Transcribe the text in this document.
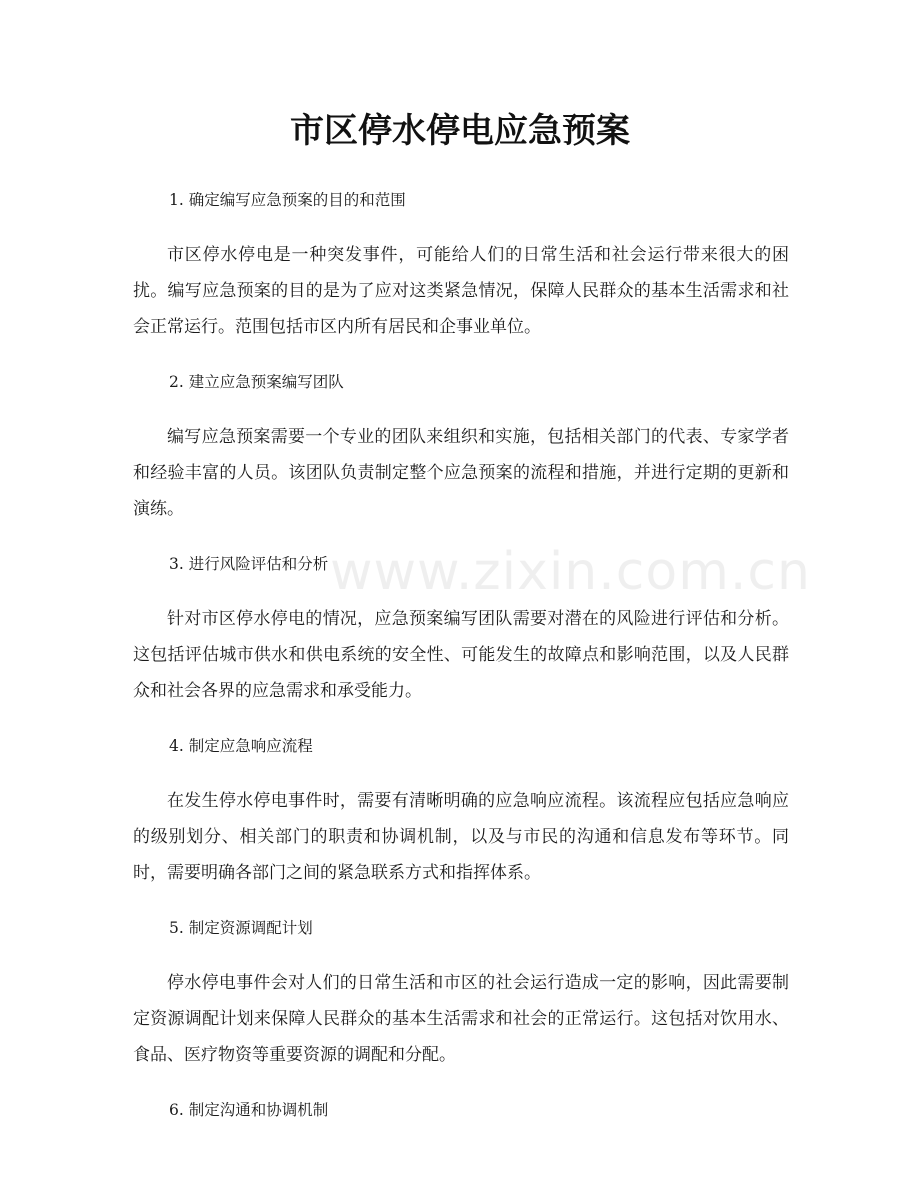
市区停水停电应急预案
www.zixin.com.cn

1. 确定编写应急预案的目的和范围

市区停水停电是一种突发事件，可能给人们的日常生活和社会运行带来很大的困扰。编写应急预案的目的是为了应对这类紧急情况，保障人民群众的基本生活需求和社会正常运行。范围包括市区内所有居民和企事业单位。

2. 建立应急预案编写团队

编写应急预案需要一个专业的团队来组织和实施，包括相关部门的代表、专家学者和经验丰富的人员。该团队负责制定整个应急预案的流程和措施，并进行定期的更新和演练。

3. 进行风险评估和分析

针对市区停水停电的情况，应急预案编写团队需要对潜在的风险进行评估和分析。这包括评估城市供水和供电系统的安全性、可能发生的故障点和影响范围，以及人民群众和社会各界的应急需求和承受能力。

4. 制定应急响应流程

在发生停水停电事件时，需要有清晰明确的应急响应流程。该流程应包括应急响应的级别划分、相关部门的职责和协调机制，以及与市民的沟通和信息发布等环节。同时，需要明确各部门之间的紧急联系方式和指挥体系。

5. 制定资源调配计划

停水停电事件会对人们的日常生活和市区的社会运行造成一定的影响，因此需要制定资源调配计划来保障人民群众的基本生活需求和社会的正常运行。这包括对饮用水、食品、医疗物资等重要资源的调配和分配。

6. 制定沟通和协调机制
